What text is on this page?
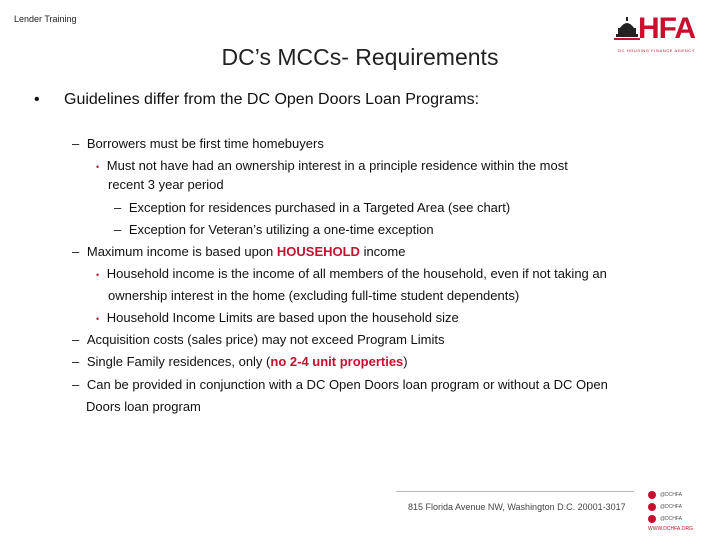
Lender Training	HFA
DC HOUSING FINANCE AGENCY
DC’s MCCs- Requirements
• Guidelines differ from the DC Open Doors Loan Programs:
– Borrowers must be first time homebuyers
• Must not have had an ownership interest in a principle residence within the most
recent 3 year period
– Exception for residences purchased in a Targeted Area (see chart)
– Exception for Veteran’s utilizing a one-time exception
– Maximum income is based upon HOUSEHOLD income
• Household income is the income of all members of the household, even if not taking an
ownership interest in the home (excluding full-time student dependents)
• Household Income Limits are based upon the household size
– Acquisition costs (sales price) may not exceed Program Limits
– Single Family residences, only (no 2-4 unit properties)
– Can be provided in conjunction with a DC Open Doors loan program or without a DC Open
Doors loan program
815 Florida Avenue NW, Washington D.C. 20001-3017
@DCHFA
@DCHFA
@DCHFA
WWW.DCHFA.ORG
